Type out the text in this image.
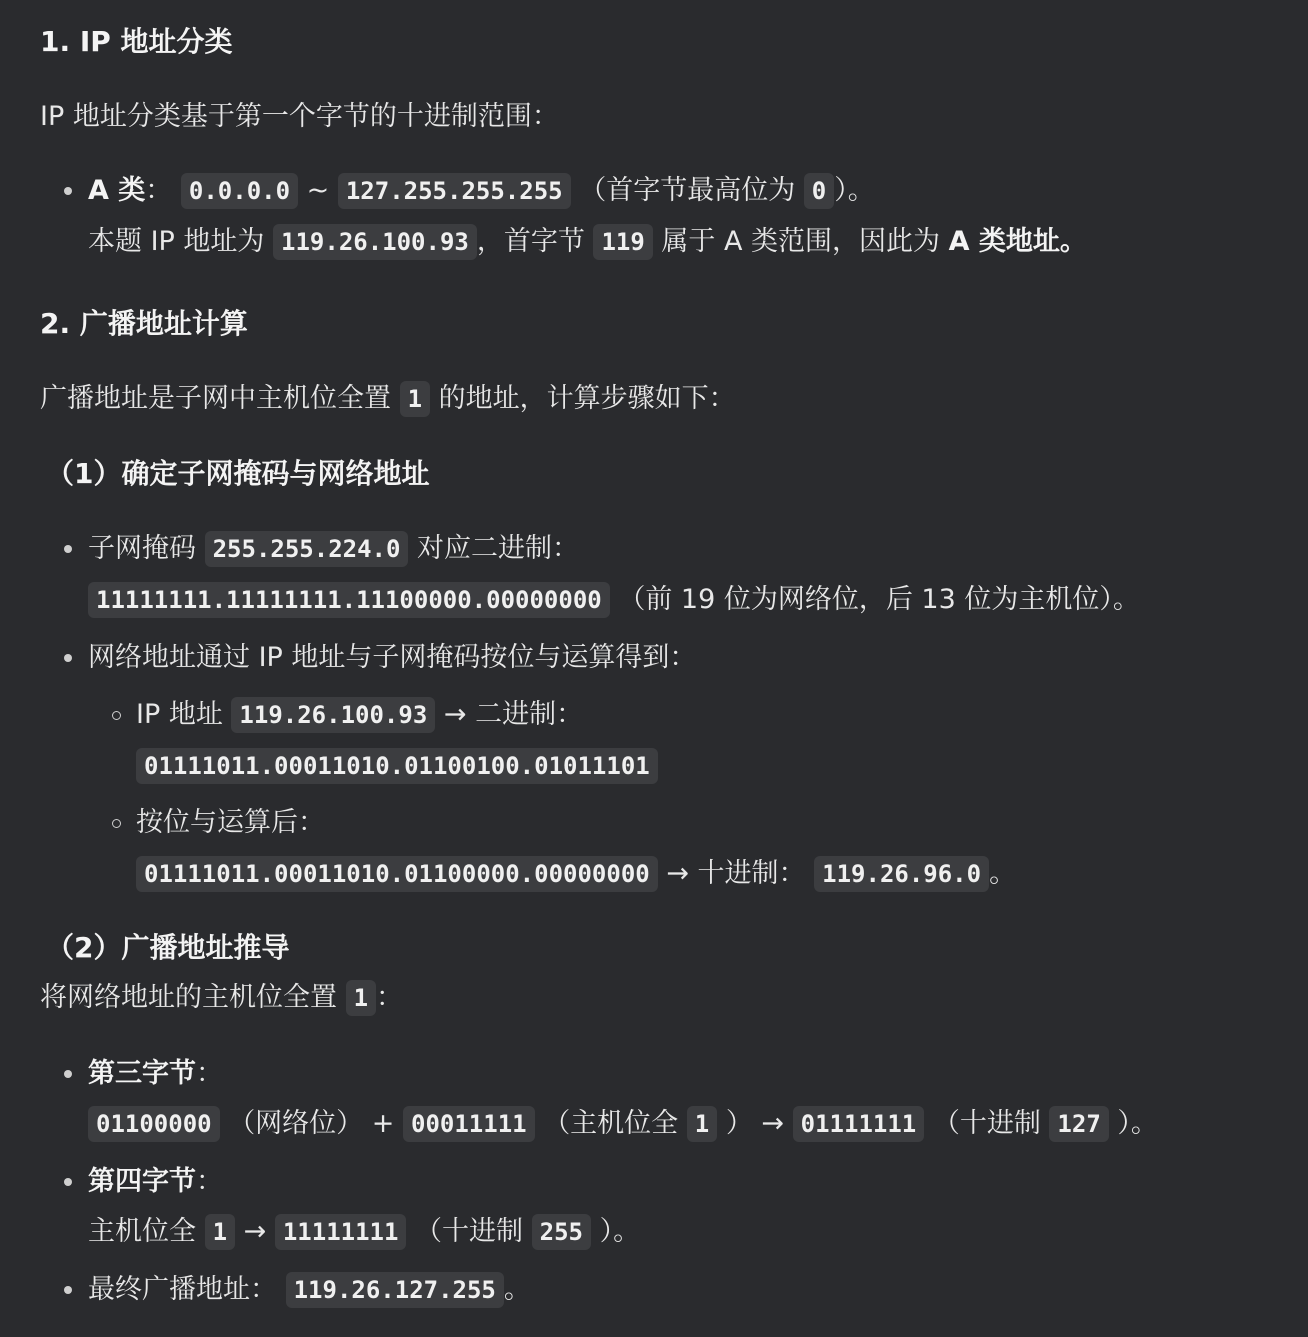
1. IP 地址分类
IP 地址分类基于第一个字节的十进制范围：
A 类： 0.0.0.0 ~ 127.255.255.255 （首字节最高位为 0 ）。
本题 IP 地址为 119.26.100.93 ，首字节 119 属于 A 类范围，因此为 A 类地址。
2. 广播地址计算
广播地址是子网中主机位全置 1 的地址，计算步骤如下：
（1）确定子网掩码与网络地址
子网掩码 255.255.224.0 对应二进制：
11111111.11111111.11100000.00000000 （前 19 位为网络位，后 13 位为主机位）。
网络地址通过 IP 地址与子网掩码按位与运算得到：
IP 地址 119.26.100.93 → 二进制：
01111011.00011010.01100100.01011101
按位与运算后：
01111011.00011010.01100000.00000000 → 十进制： 119.26.96.0 。
（2）广播地址推导
将网络地址的主机位全置 1 ：
第三字节：
01100000 （网络位） + 00011111 （主机位全 1 ） → 01111111 （十进制 127 ）。
第四字节：
主机位全 1 → 11111111 （十进制 255 ）。
最终广播地址： 119.26.127.255 。
